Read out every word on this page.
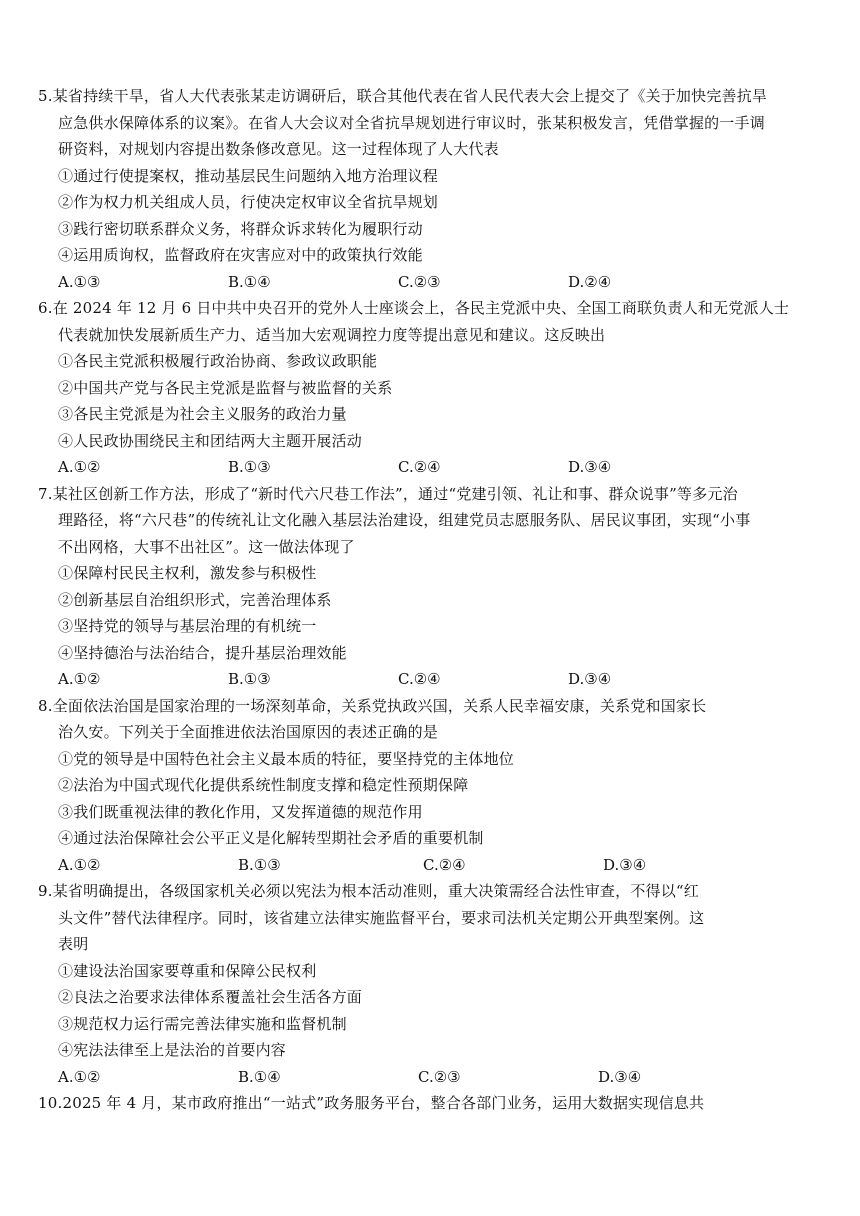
5.某省持续干旱，省人大代表张某走访调研后，联合其他代表在省人民代表大会上提交了《关于加快完善抗旱
应急供水保障体系的议案》。在省人大会议对全省抗旱规划进行审议时，张某积极发言，凭借掌握的一手调
研资料，对规划内容提出数条修改意见。这一过程体现了人大代表
①通过行使提案权，推动基层民生问题纳入地方治理议程
②作为权力机关组成人员，行使决定权审议全省抗旱规划
③践行密切联系群众义务，将群众诉求转化为履职行动
④运用质询权，监督政府在灾害应对中的政策执行效能
A.①③	B.①④	C.②③	D.②④
6.在 2024 年 12 月 6 日中共中央召开的党外人士座谈会上，各民主党派中央、全国工商联负责人和无党派人士
代表就加快发展新质生产力、适当加大宏观调控力度等提出意见和建议。这反映出
①各民主党派积极履行政治协商、参政议政职能
②中国共产党与各民主党派是监督与被监督的关系
③各民主党派是为社会主义服务的政治力量
④人民政协围绕民主和团结两大主题开展活动
A.①②	B.①③	C.②④	D.③④
7.某社区创新工作方法，形成了“新时代六尺巷工作法”，通过“党建引领、礼让和事、群众说事”等多元治
理路径，将“六尺巷”的传统礼让文化融入基层法治建设，组建党员志愿服务队、居民议事团，实现“小事
不出网格，大事不出社区”。这一做法体现了
①保障村民民主权利，激发参与积极性
②创新基层自治组织形式，完善治理体系
③坚持党的领导与基层治理的有机统一
④坚持德治与法治结合，提升基层治理效能
A.①②	B.①③	C.②④	D.③④
8.全面依法治国是国家治理的一场深刻革命，关系党执政兴国，关系人民幸福安康，关系党和国家长
治久安。下列关于全面推进依法治国原因的表述正确的是
①党的领导是中国特色社会主义最本质的特征，要坚持党的主体地位
②法治为中国式现代化提供系统性制度支撑和稳定性预期保障
③我们既重视法律的教化作用，又发挥道德的规范作用
④通过法治保障社会公平正义是化解转型期社会矛盾的重要机制
A.①②	B.①③	C.②④	D.③④
9.某省明确提出，各级国家机关必须以宪法为根本活动准则，重大决策需经合法性审查，不得以“红
头文件”替代法律程序。同时，该省建立法律实施监督平台，要求司法机关定期公开典型案例。这
表明
①建设法治国家要尊重和保障公民权利
②良法之治要求法律体系覆盖社会生活各方面
③规范权力运行需完善法律实施和监督机制
④宪法法律至上是法治的首要内容
A.①②	B.①④	C.②③	D.③④
10.2025 年 4 月，某市政府推出“一站式”政务服务平台，整合各部门业务，运用大数据实现信息共
